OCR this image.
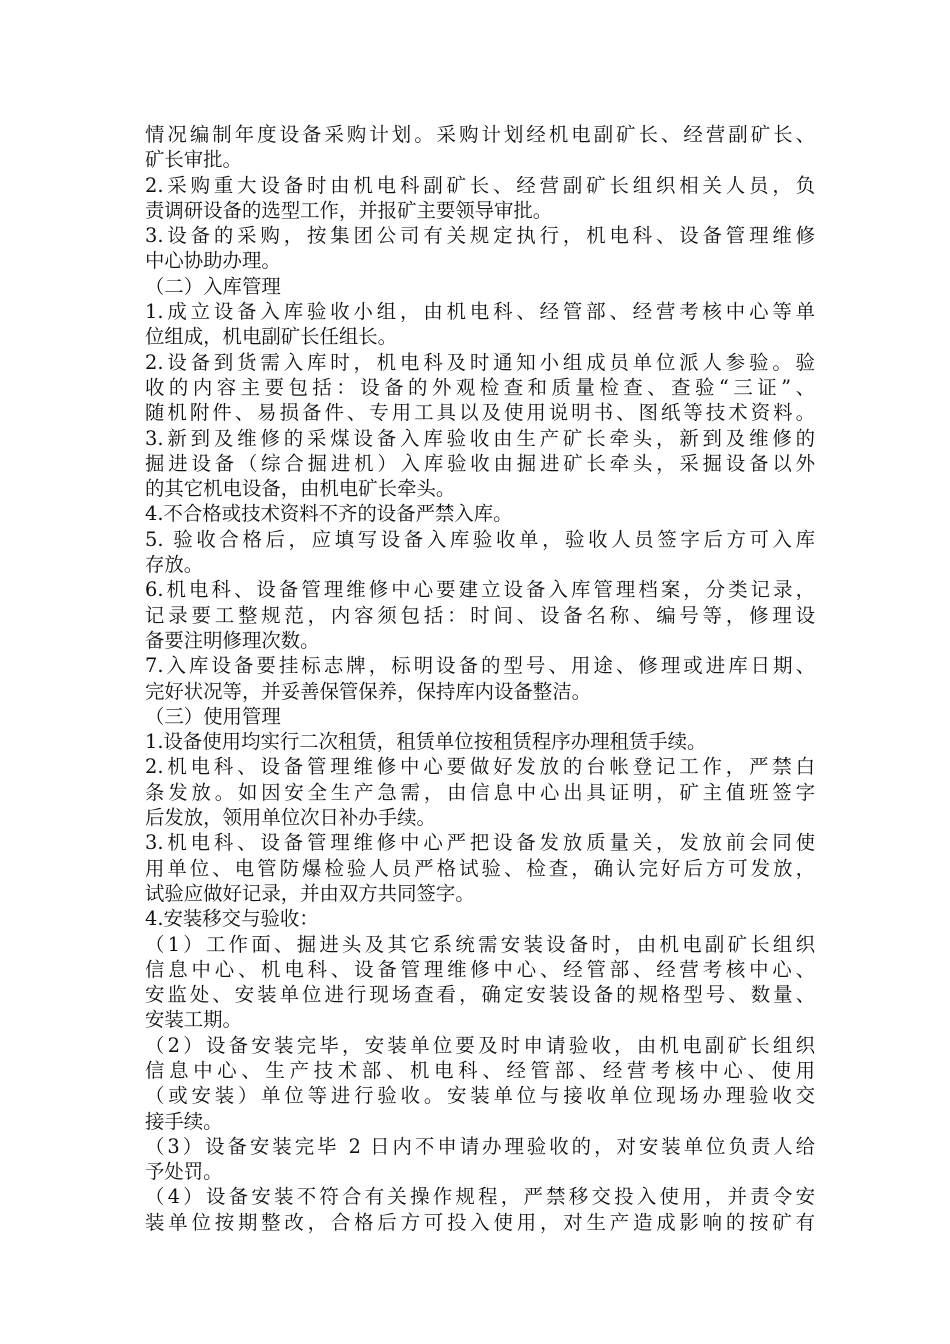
情况编制年度设备采购计划。采购计划经机电副矿长、经营副矿长、
矿长审批。
2.采购重大设备时由机电科副矿长、经营副矿长组织相关人员，负
责调研设备的选型工作，并报矿主要领导审批。
3.设备的采购，按集团公司有关规定执行，机电科、设备管理维修
中心协助办理。
（二）入库管理
1.成立设备入库验收小组，由机电科、经管部、经营考核中心等单
位组成，机电副矿长任组长。
2.设备到货需入库时，机电科及时通知小组成员单位派人参验。验
收的内容主要包括：设备的外观检查和质量检查、查验“三证”、
随机附件、易损备件、专用工具以及使用说明书、图纸等技术资料。
3.新到及维修的采煤设备入库验收由生产矿长牵头，新到及维修的
掘进设备（综合掘进机）入库验收由掘进矿长牵头，采掘设备以外
的其它机电设备，由机电矿长牵头。
4.不合格或技术资料不齐的设备严禁入库。
5. 验收合格后，应填写设备入库验收单，验收人员签字后方可入库
存放。
6.机电科、设备管理维修中心要建立设备入库管理档案，分类记录，
记录要工整规范，内容须包括：时间、设备名称、编号等，修理设
备要注明修理次数。
7.入库设备要挂标志牌，标明设备的型号、用途、修理或进库日期、
完好状况等，并妥善保管保养，保持库内设备整洁。
（三）使用管理
1.设备使用均实行二次租赁，租赁单位按租赁程序办理租赁手续。
2.机电科、设备管理维修中心要做好发放的台帐登记工作，严禁白
条发放。如因安全生产急需，由信息中心出具证明，矿主值班签字
后发放，领用单位次日补办手续。
3.机电科、设备管理维修中心严把设备发放质量关，发放前会同使
用单位、电管防爆检验人员严格试验、检查，确认完好后方可发放，
试验应做好记录，并由双方共同签字。
4.安装移交与验收：
（1）工作面、掘进头及其它系统需安装设备时，由机电副矿长组织
信息中心、机电科、设备管理维修中心、经管部、经营考核中心、
安监处、安装单位进行现场查看，确定安装设备的规格型号、数量、
安装工期。
（2）设备安装完毕，安装单位要及时申请验收，由机电副矿长组织
信息中心、生产技术部、机电科、经管部、经营考核中心、使用
（或安装）单位等进行验收。安装单位与接收单位现场办理验收交
接手续。
（3）设备安装完毕 2 日内不申请办理验收的，对安装单位负责人给
予处罚。
（4）设备安装不符合有关操作规程，严禁移交投入使用，并责令安
装单位按期整改，合格后方可投入使用，对生产造成影响的按矿有
